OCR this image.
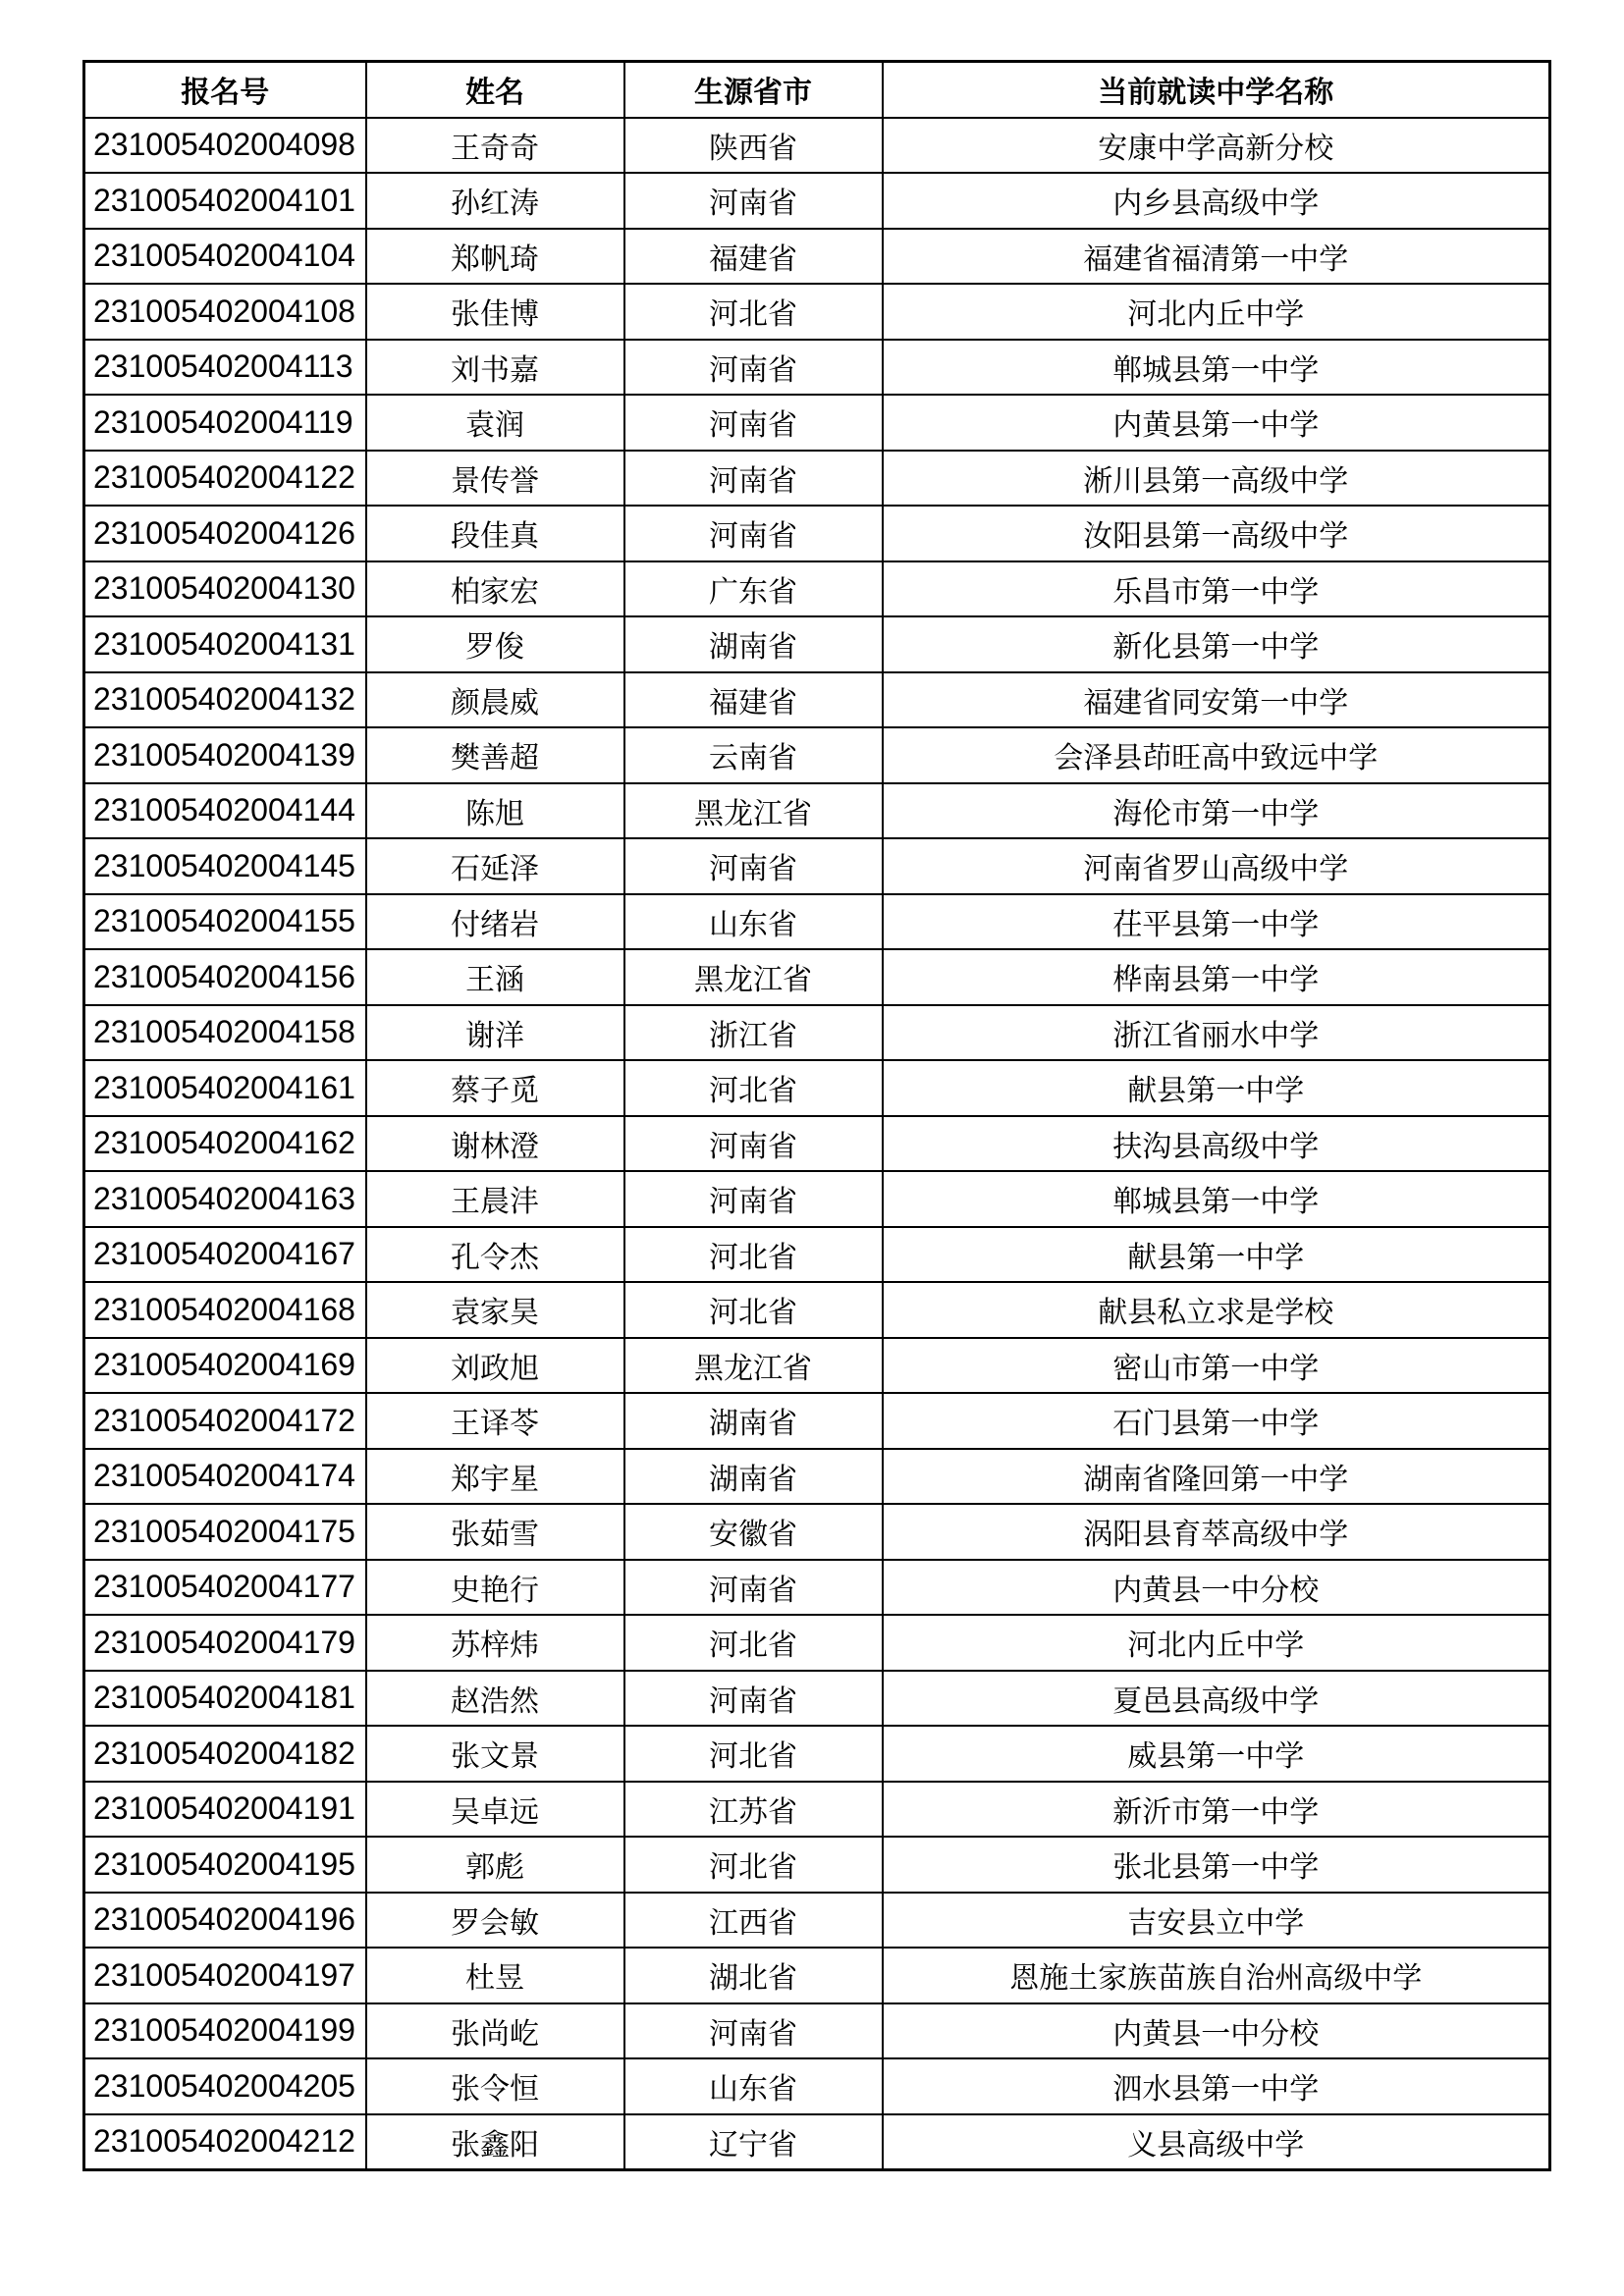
报名号	姓名	生源省市	当前就读中学名称
231005402004098	王奇奇	陕西省	安康中学高新分校
231005402004101	孙红涛	河南省	内乡县高级中学
231005402004104	郑帆琦	福建省	福建省福清第一中学
231005402004108	张佳博	河北省	河北内丘中学
231005402004113	刘书嘉	河南省	郸城县第一中学
231005402004119	袁润	河南省	内黄县第一中学
231005402004122	景传誉	河南省	淅川县第一高级中学
231005402004126	段佳真	河南省	汝阳县第一高级中学
231005402004130	柏家宏	广东省	乐昌市第一中学
231005402004131	罗俊	湖南省	新化县第一中学
231005402004132	颜晨威	福建省	福建省同安第一中学
231005402004139	樊善超	云南省	会泽县茚旺高中致远中学
231005402004144	陈旭	黑龙江省	海伦市第一中学
231005402004145	石延泽	河南省	河南省罗山高级中学
231005402004155	付绪岩	山东省	茌平县第一中学
231005402004156	王涵	黑龙江省	桦南县第一中学
231005402004158	谢洋	浙江省	浙江省丽水中学
231005402004161	蔡子觅	河北省	献县第一中学
231005402004162	谢林澄	河南省	扶沟县高级中学
231005402004163	王晨沣	河南省	郸城县第一中学
231005402004167	孔令杰	河北省	献县第一中学
231005402004168	袁家昊	河北省	献县私立求是学校
231005402004169	刘政旭	黑龙江省	密山市第一中学
231005402004172	王译苓	湖南省	石门县第一中学
231005402004174	郑宇星	湖南省	湖南省隆回第一中学
231005402004175	张茹雪	安徽省	涡阳县育萃高级中学
231005402004177	史艳行	河南省	内黄县一中分校
231005402004179	苏梓炜	河北省	河北内丘中学
231005402004181	赵浩然	河南省	夏邑县高级中学
231005402004182	张文景	河北省	威县第一中学
231005402004191	吴卓远	江苏省	新沂市第一中学
231005402004195	郭彪	河北省	张北县第一中学
231005402004196	罗会敏	江西省	吉安县立中学
231005402004197	杜昱	湖北省	恩施土家族苗族自治州高级中学
231005402004199	张尚屹	河南省	内黄县一中分校
231005402004205	张令恒	山东省	泗水县第一中学
231005402004212	张鑫阳	辽宁省	义县高级中学
